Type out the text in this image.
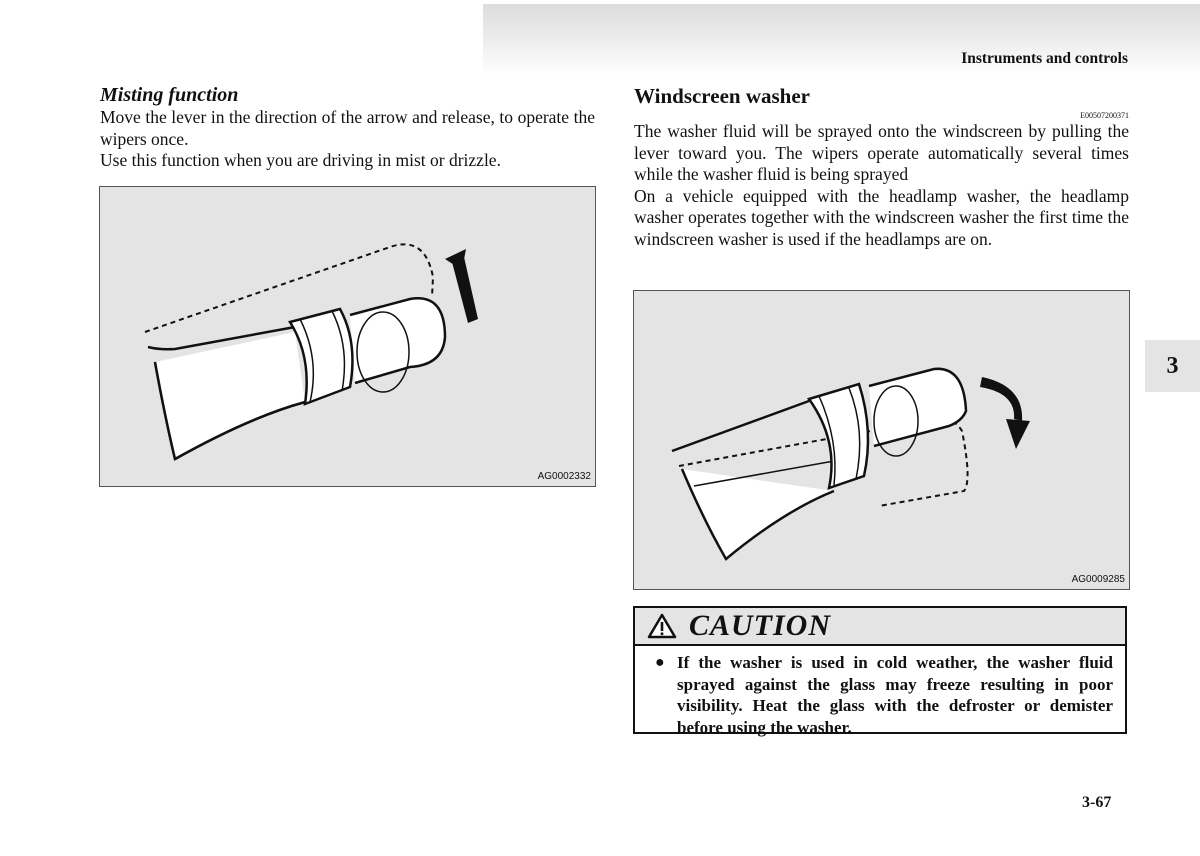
Instruments and controls
3
Misting function

Move the lever in the direction of the arrow and release, to operate the wipers once.

Use this function when you are driving in mist or drizzle.

AG0002332
Windscreen washer

E00507200371

The washer fluid will be sprayed onto the windscreen by pulling the lever toward you. The wipers operate automatically several times while the washer fluid is being sprayed

On a vehicle equipped with the headlamp washer, the headlamp washer operates together with the windscreen washer the first time the windscreen washer is used if the headlamps are on.

AG0009285
CAUTION
● If the washer is used in cold weather, the washer fluid sprayed against the glass may freeze resulting in poor visibility. Heat the glass with the defroster or demister before using the washer.

3-67
